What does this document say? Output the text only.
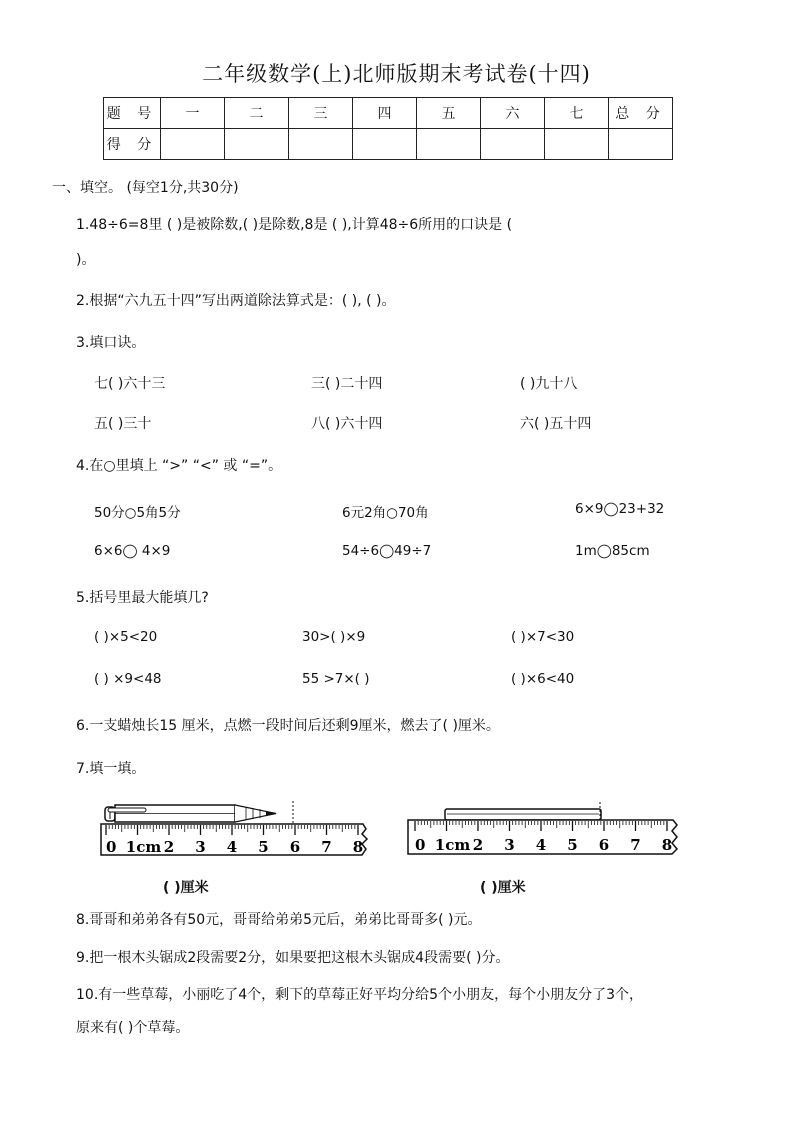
二年级数学(上)北师版期末考试卷(十四)
题 号	一	二	三	四	五	六	七	总 分
得 分								
一、填空。 (每空1分,共30分)
1.48÷6=8里 ( )是被除数,( )是除数,8是 ( ),计算48÷6所用的口诀是 (
)。
2.根据“六九五十四”写出两道除法算式是：( ), ( )。
3.填口诀。
七( )六十三	三( )二十四	( )九十八
五( )三十	八( )六十四	六( )五十四
4.在○里填上 “>” “<” 或 “=”。
50分○5角5分	6元2角○70角	6×9◯23+32
6×6◯ 4×9	54÷6◯49÷7	1m◯85cm
5.括号里最大能填几?
( )×5<20	30>( )×9	( )×7<30
( ) ×9<48	55 >7×( )	( )×6<40
6.一支蜡烛长15 厘米，点燃一段时间后还剩9厘米，燃去了( )厘米。
7.填一填。
0 1cm 2 3 4 5 6 7 8	0 1cm 2 3 4 5 6 7 8
( )厘米	( )厘米
8.哥哥和弟弟各有50元，哥哥给弟弟5元后，弟弟比哥哥多( )元。
9.把一根木头锯成2段需要2分，如果要把这根木头锯成4段需要( )分。
10.有一些草莓，小丽吃了4个，剩下的草莓正好平均分给5个小朋友，每个小朋友分了3个，
原来有( )个草莓。
